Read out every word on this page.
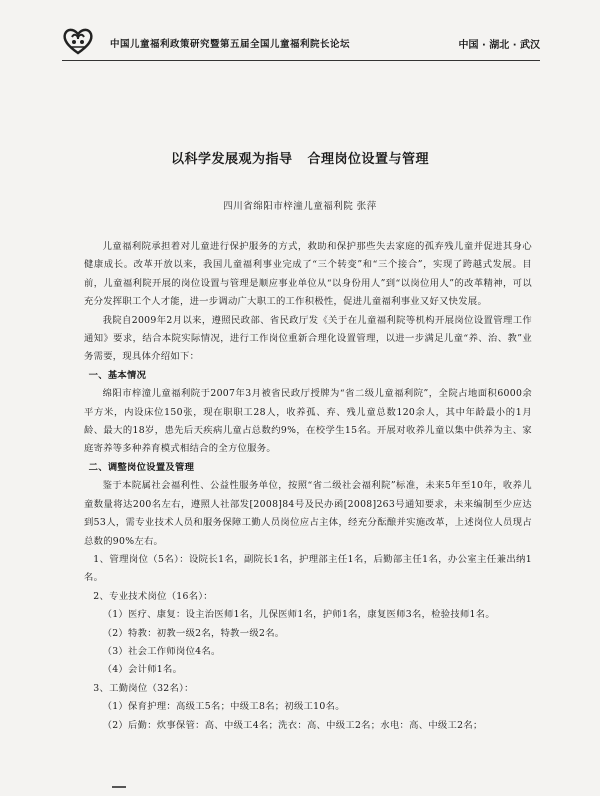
中国儿童福利政策研究暨第五届全国儿童福利院长论坛	中国 · 湖北 · 武汉
以科学发展观为指导   合理岗位设置与管理
四川省绵阳市梓潼儿童福利院 张萍

儿童福利院承担着对儿童进行保护服务的方式，救助和保护那些失去家庭的孤弃残儿童并促进其身心健康成长。改革开放以来，我国儿童福利事业完成了“三个转变”和“三个接合”，实现了跨越式发展。目前，儿童福利院开展的岗位设置与管理是顺应事业单位从“以身份用人”到“以岗位用人”的改革精神，可以充分发挥职工个人才能，进一步调动广大职工的工作积极性，促进儿童福利事业又好又快发展。

我院自2009年2月以来，遵照民政部、省民政厅发《关于在儿童福利院等机构开展岗位设置管理工作通知》要求，结合本院实际情况，进行工作岗位重新合理化设置管理，以进一步满足儿童“养、治、教”业务需要，现具体介绍如下：

一、基本情况

绵阳市梓潼儿童福利院于2007年3月被省民政厅授牌为“省二级儿童福利院”，全院占地面积6000余平方米，内设床位150张，现在职职工28人，收养孤、弃、残儿童总数120余人，其中年龄最小的1月龄、最大的18岁，患先后天疾病儿童占总数约9%，在校学生15名。开展对收养儿童以集中供养为主、家庭寄养等多种养育模式相结合的全方位服务。

二、调整岗位设置及管理

鉴于本院属社会福利性、公益性服务单位，按照“省二级社会福利院”标准，未来5年至10年，收养儿童数量将达200名左右，遵照人社部发[2008]84号及民办函[2008]263号通知要求，未来编制至少应达到53人，需专业技术人员和服务保障工勤人员岗位应占主体，经充分酝酿并实施改革，上述岗位人员现占总数的90%左右。

1、管理岗位（5名）：设院长1名，副院长1名，护理部主任1名，后勤部主任1名，办公室主任兼出纳1名。

2、专业技术岗位（16名）：

（1）医疗、康复：设主治医师1名，儿保医师1名，护师1名，康复医师3名，检验技师1名。

（2）特教：初教一级2名，特教一级2名。

（3）社会工作师岗位4名。

（4）会计师1名。

3、工勤岗位（32名）：

（1）保育护理：高级工5名；中级工8名；初级工10名。

（2）后勤：炊事保管：高、中级工4名；洗衣：高、中级工2名；水电：高、中级工2名；
